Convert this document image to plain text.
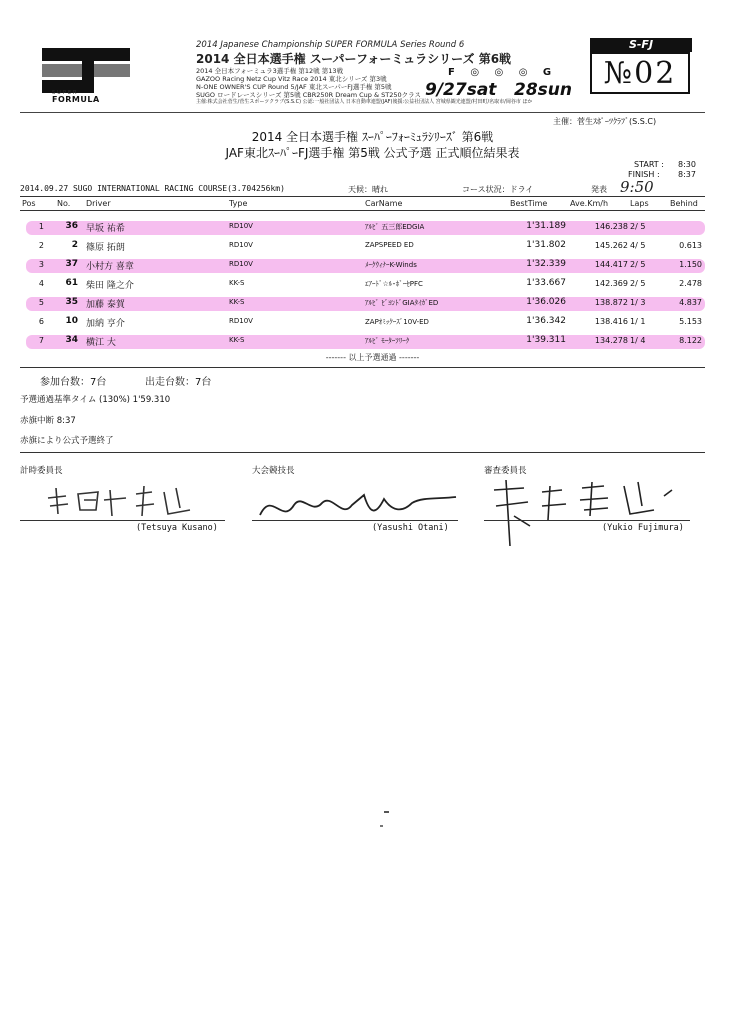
SUPER
FORMULA
2014 Japanese Championship SUPER FORMULA Series Round 6
2014 全日本選手権 スーパーフォーミュラシリーズ 第6戦
2014 全日本フォーミュラ3選手権 第12戦 第13戦
GAZOO Racing Netz Cup Vitz Race 2014 東北シリーズ 第3戦
N-ONE OWNER'S CUP Round 5/JAF 東北スーパーFJ選手権 第5戦
SUGO ロードレースシリーズ 第5戦 CBR250R Dream Cup & ST250クラス
主催:株式会社菅生/菅生スポーツクラブ(S.S.C) 公認:一般社団法人 日本自動車連盟(JAF)後援:公益社団法人 宮城県観光連盟/村田町/名取市/岡谷市 ほか
F ◎ ◎ ◎ G
9/27sat 28sun
S-FJ
№02
主催：菅生ｽﾎﾟｰﾂｸﾗﾌﾞ(S.S.C)
2014 全日本選手権 ｽｰﾊﾟｰﾌｫｰﾐｭﾗｼﾘｰｽﾞ 第6戦
JAF東北ｽｰﾊﾟｰFJ選手権 第5戦 公式予選 正式順位結果表
START : 8:30
FINISH : 8:37
9:50
2014.09.27 SUGO INTERNATIONAL RACING COURSE(3.704256km)	天候：晴れ	コース状況：ドライ	発表
Pos	No. Driver	Type	CarName	BestTime	Ave.Km/h	Laps	Behind
1	36 早坂 祐希	RD10V	ｱﾙﾋﾞ 五三郎EDGIA	1'31.189	146.238 2/ 5
2	2 篠原 拓朗	RD10V	ZAPSPEED ED	1'31.802	145.262 4/ 5	0.613
3	37 小村方 喜章	RD10V	ﾒｰｸｳｨﾅｰK-Winds	1'32.339	144.417 2/ 5	1.150
4	61 柴田 隆之介	KK-S	ｴｱｰﾄﾞ☆ﾙ･ﾎﾞｰｾPFC	1'33.667	142.369 2/ 5	2.478
5	35 加藤 泰賀	KK-S	ｱﾙﾋﾞ ﾋﾞﾖﾝﾄﾞGIAﾀｲｶﾞED	1'36.026	138.872 1/ 3	4.837
6	10 加納 亨介	RD10V	ZAPｵﾐｯｸｰｽﾞ10V-ED	1'36.342	138.416 1/ 1	5.153
7	34 横江 大	KK-S	ｱﾙﾋﾞ ﾓｰﾀｰﾌﾘｰｸ	1'39.311	134.278 1/ 4	8.122
------- 以上予選通過 -------
参加台数：7台	出走台数：7台
予選通過基準タイム (130%) 1'59.310
赤旗中断 8:37
赤旗により公式予選終了
計時委員長	大会競技長	審査委員長
(Tetsuya Kusano)	(Yasushi Otani)	(Yukio Fujimura)
